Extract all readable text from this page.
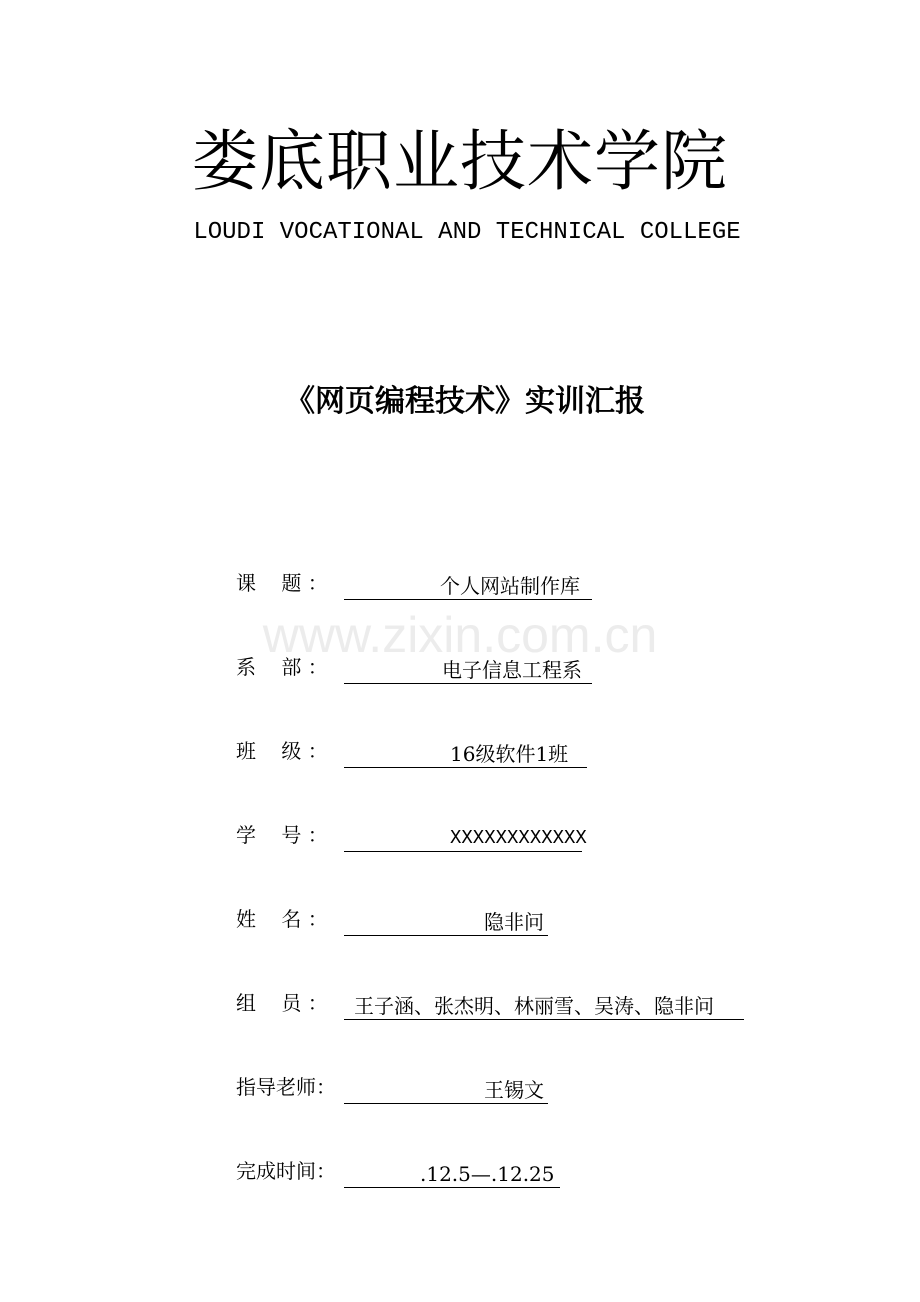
娄底职业技术学院
LOUDI VOCATIONAL AND TECHNICAL COLLEGE
《网页编程技术》实训汇报
www.zixin.com.cn
课    题 ：	个人网站制作库
系    部 ：	电子信息工程系
班    级 ：	16级软件1班
学    号 ：	XXXXXXXXXXXX
姓    名 ：	隐非问
组    员 ：	王子涵、张杰明、林丽雪、吴涛、隐非问
指导老师：	王锡文
完成时间：	.12.5—.12.25
